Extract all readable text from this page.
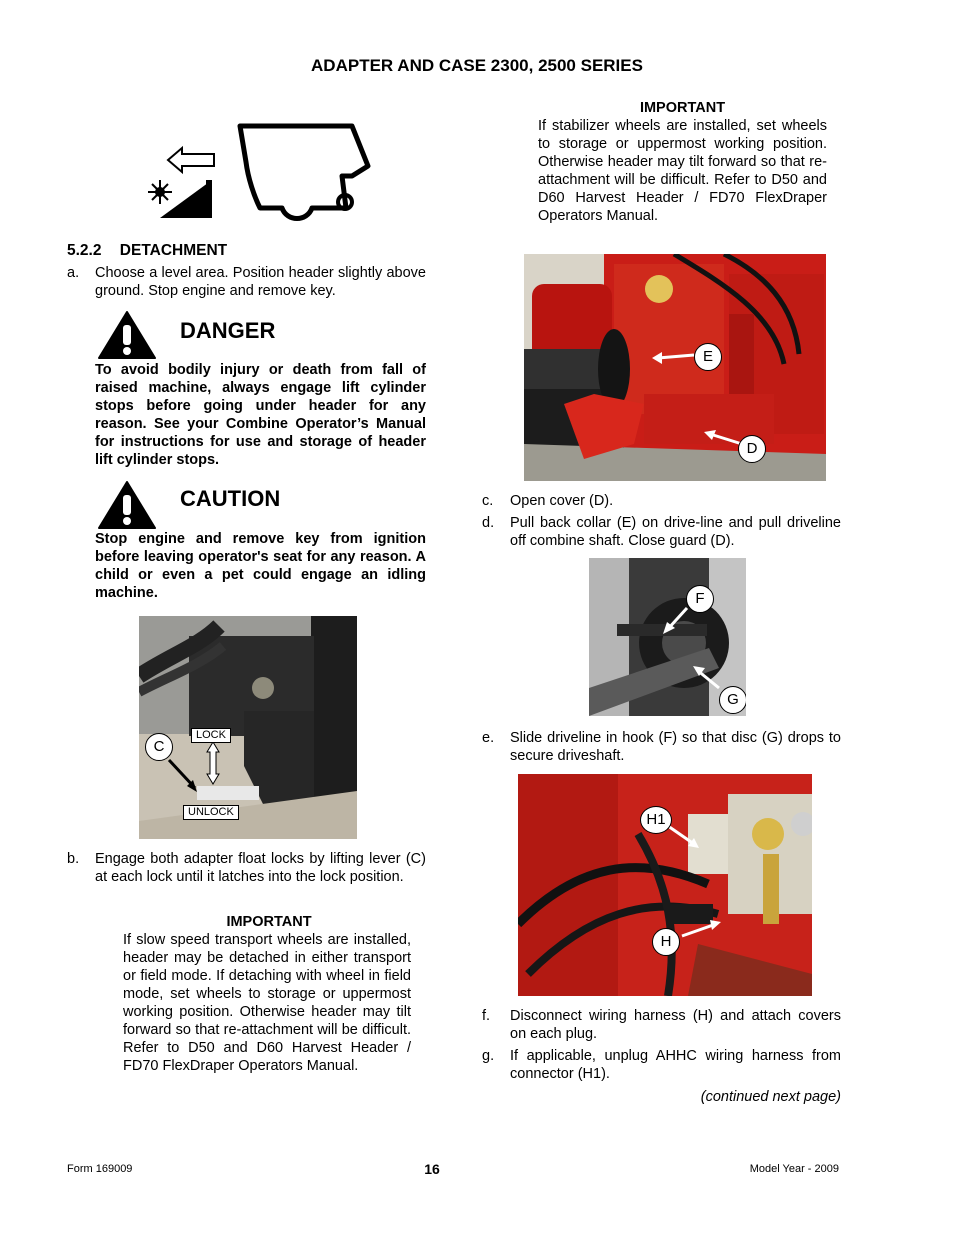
ADAPTER AND CASE 2300, 2500 SERIES
5.2.2 DETACHMENT
a. Choose a level area. Position header slightly above ground. Stop engine and remove key.
DANGER
To avoid bodily injury or death from fall of raised machine, always engage lift cylinder stops before going under header for any reason. See your Combine Operator’s Manual for instructions for use and storage of header lift cylinder stops.
CAUTION
Stop engine and remove key from ignition before leaving operator's seat for any reason. A child or even a pet could engage an idling machine.
C
LOCK
UNLOCK
b. Engage both adapter float locks by lifting lever (C) at each lock until it latches into the lock position.
IMPORTANT
If slow speed transport wheels are installed, header may be detached in either transport or field mode. If detaching with wheel in field mode, set wheels to storage or uppermost working position. Otherwise header may tilt forward so that re-attachment will be difficult. Refer to D50 and D60 Harvest Header / FD70 FlexDraper Operators Manual.
IMPORTANT
If stabilizer wheels are installed, set wheels to storage or uppermost working position. Otherwise header may tilt forward so that re-attachment will be difficult. Refer to D50 and D60 Harvest Header / FD70 FlexDraper Operators Manual.
E
D
c. Open cover (D).
d. Pull back collar (E) on drive-line and pull driveline off combine shaft. Close guard (D).
F
G
e. Slide driveline in hook (F) so that disc (G) drops to secure driveshaft.
H1
H
f. Disconnect wiring harness (H) and attach covers on each plug.
g. If applicable, unplug AHHC wiring harness from connector (H1).
(continued next page)
Form 169009	16	Model Year - 2009
